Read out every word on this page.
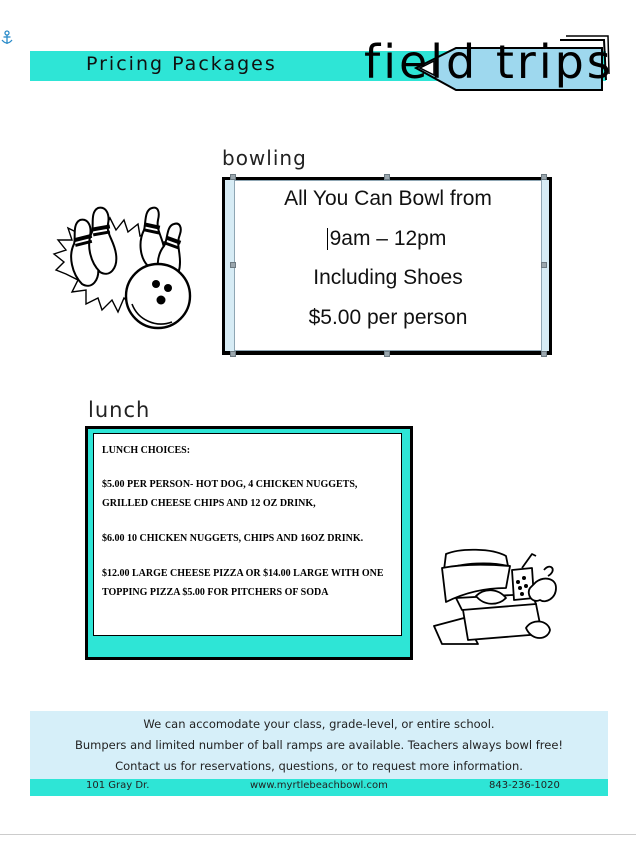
Pricing Packages field trips
bowling
All You Can Bowl from
9am – 12pm
Including Shoes
$5.00 per person
lunch
LUNCH CHOICES:
$5.00 PER PERSON- HOT DOG, 4 CHICKEN NUGGETS, GRILLED CHEESE CHIPS AND 12 OZ DRINK,
$6.00 10 CHICKEN NUGGETS, CHIPS AND 16OZ DRINK.
$12.00 LARGE CHEESE PIZZA OR $14.00 LARGE WITH ONE TOPPING PIZZA $5.00 FOR PITCHERS OF SODA
We can accomodate your class, grade-level, or entire school.
Bumpers and limited number of ball ramps are available. Teachers always bowl free!
Contact us for reservations, questions, or to request more information.
101 Gray Dr.	www.myrtlebeachbowl.com	843-236-1020
